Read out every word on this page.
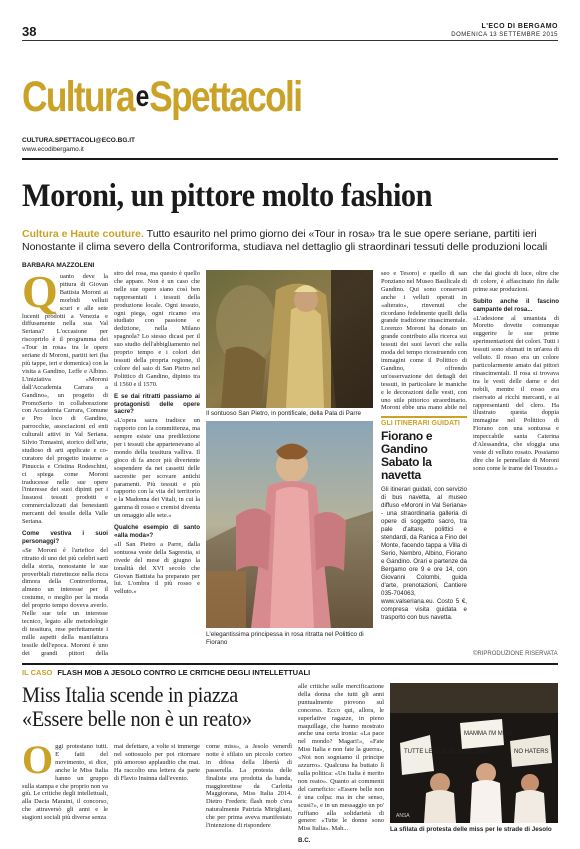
38	L'ECO DI BERGAMO
DOMENICA 13 SETTEMBRE 2015
Cultura e Spettacoli
CULTURA.SPETTACOLI@ECO.BG.IT
www.ecodibergamo.it
Moroni, un pittore molto fashion
Cultura e Haute couture. Tutto esaurito nel primo giorno dei «Tour in rosa» tra le sue opere seriane, partiti ieri Nonostante il clima severo della Controriforma, studiava nel dettaglio gli straordinari tessuti delle produzioni locali
BARBARA MAZZOLENI
Q uanto deve la pittura di Giovan Battista Moroni ai morbidi velluti scuri e alle sete lucenti prodotti a Venezia e diffusamente nella sua Val Seriana? L'occasione per riscoprirlo è il programma dei «Tour in rosa» tra le opere seriane di Moroni, partiti ieri (ha più tappe, ieri e domenica) con la visita a Gandino, Leffe e Albino. L'iniziativa «Moroni dall'Accademia Carrara a Gandino», un progetto di PromoSerio in collaborazione con Accademia Carrara, Comune e Pro loco di Gandino, parrocchie, associazioni ed enti culturali attivi in Val Seriana. Silvio Tomasini, storico dell'arte, studioso di arti applicate e co-curatore del progetto insieme a Pinuccia e Cristina Rodeschini, ci spiega come Moroni traducesse nelle sue opere l'interesse dei suoi dipinti per i lussuosi tessuti prodotti e commercializzati dai benestanti mercanti del tessile della Valle Seriana.

Come vestiva i suoi personaggi?

«Se Moroni è l'artefice del ritratto di uno dei più celebri sarti della storia, nonostante le sue proverbiali ristrettezze nella ricca dimora della Controriforma, almeno un interesse per il costume, o meglio per la moda del proprio tempo doveva averlo. Nelle sue tele un interesse tecnico, legato alle metodologie di tessitura, rese perfettamente i mille aspetti della manifattura tessile dell'epoca. Moroni è uno dei grandi pittori della

stro del rosa, ma questo è quello che appare. Non è un caso che nelle sue opere siano così ben rappresentati i tessuti della produzione locale. Ogni tessuto, ogni piega, ogni ricamo era studiato con passione e dedizione, nella Milano spagnola? Lo stesso dicasi per il suo studio dell'abbigliamento nel proprio tempo e i colori dei tessuti della propria regione, il colore del saio di San Pietro nel Polittico di Gandino, dipinto tra il 1560 e il 1570.

E se dai ritratti passiamo ai protagonisti delle opere sacre?

«L'opera sacra tradisce un rapporto con la committenza, ma sempre esiste una predilezione per i tessuti che appartenevano al mondo della tessitura valliva. Il gioco di fa ancor più divertente sospendere da nei cassetti delle sacrestie per scovare antichi paramenti. Più tessuti e più rapporto con la vita del territorio e la Madonna dei Vitali, in cui la gamma di rosso e cremisi diventa un omaggio alle sete.»

Qualche esempio di santo «alla moda»?

«Il San Pietro a Parre, dalla sontuosa veste della Sagrestia, si rivede del mese di giugno la tonalità del XVI secolo che Giovan Battista ha preparato per lui. L'ombra il più rosso e velluto.»

Il sontuoso San Pietro, in pontificale, della Pala di Parre
L'elegantissima principessa in rosa ritratta nel Polittico di Fiorano

seo e Tesoro) e quello di san Ponziano nel Museo Basilicale di Gandino. Qui sono conservati anche i velluti operati in «alterato», rinvenuti che ricordano fedelmente quelli della grande tradizione rinascimentale. Lorenzo Moroni ha donato un grande contributo alla ricerca sui tessuti dei suoi lavori che sulla moda del tempo ricostruendo con immagini come il Polittico di Gandino, offrendo un'osservazione dei dettagli dei tessuti, in particolare le maniche e le decorazioni delle vesti, con uno stile pittorico straordinario. Moroni ebbe una mano abile nel

GLI ITINERARI GUIDATI
Fiorano e Gandino Sabato la navetta
Gli itinerari guidati, con servizio di bus navetta, al museo diffuso «Moroni in Val Seriana» - una straordinaria galleria di opere di soggetto sacro, tra pale d'altare, polittici e stendardi, da Ranica a Fino del Monte, facendo tappa a Villa di Serio, Nembro, Albino, Fiorano e Gandino. Orari e partenze da Bergamo ore 9 e ore 14, con Giovanni Colombi, guida d'arte, prenotazioni, Cantiere 035-704063, www.valseriana.eu. Costo 5 €, compresa visita guidata e trasporto con bus navetta.

che dai giochi di luce, oltre che di colore, è affascinato fin dalle prime sue produzioni.

Subito anche il fascino campante del rosa...

«L'adesione al umanista di Moretto dovette comunque suggerire le sue prime sperimentazioni dei colori. Tutti i tessuti sono sfumati in un'area di velluto. Il rosso era un colore particolarmente amato dai pittori rinascimentali. Il rosa si trovava tra le vesti delle dame e dei nobili, mentre il rosso era riservato ai ricchi mercanti, e ai rappresentanti del clero. Ha illustrato questa doppia immagine nel Polittico di Fiorano con una sontuosa e impeccabile santa Caterina d'Alessandria, che sfoggia una veste di velluto rosato. Possiamo dire che le pennellate di Moroni sono come le trame del Tessuto.»

©RIPRODUZIONE RISERVATA
IL CASO FLASH MOB A JESOLO CONTRO LE CRITICHE DEGLI INTELLETTUALI
Miss Italia scende in piazza
«Essere belle non è un reato»
O ggi protestano tutti. E fatti del movimento, si dice, anche le Miss Italia hanno un gruppo sulla stampa e che proprio non va giù. Le critiche degli intellettuali, alla Dacia Maraini, il concorso, che attraversò gli anni e le stagioni sociali più diverse senza

mai defettare, a volte si immerge nel sottosuolo per poi ritornare più amoroso applaudito che mai. Ha raccolto una lettera da parte di Flavio Insinna dall'evento.

come miss», a Jesolo venerdì notte è sfilato un piccolo corteo in difesa della libertà di passerella. La protesta delle finaliste era prodotta da banda, maggiorettese da Carlotta Maggiorana, Miss Italia 2014. Dietro Frederic flash mob c'era naturalmente Patrizia Mirigliani, che per prima aveva manifestato l'intenzione di rispondere

alle critiche sulle mercificazione della donna che tutti gli anni puntualmente piovono sul concorso. Ecco qui, allora, le superlative ragazze, in pieno maquillage, che hanno mostrato anche una certa ironia: «La pace nel mondo? Magari!», «Fate Miss Italia e non fate la guerra», «Noi non sogniamo il principe azzurro». Qualcuna ha buttato lì sulla politica: «Un Italia è merito non reato». Quanto ai commenti del carneficio: «Essere belle non è una colpa: ma in che senso, scusi?», e in un messaggio un po' ruffiano alla solidarietà di genere: «Tutte le donne sono Miss Italia». Mah...

B.C.

TUTTE LE DONNE SONO MISS
MAMMA I'M MISS
NO HATERS
ANSA
La sfilata di protesta delle miss per le strade di Jesolo
